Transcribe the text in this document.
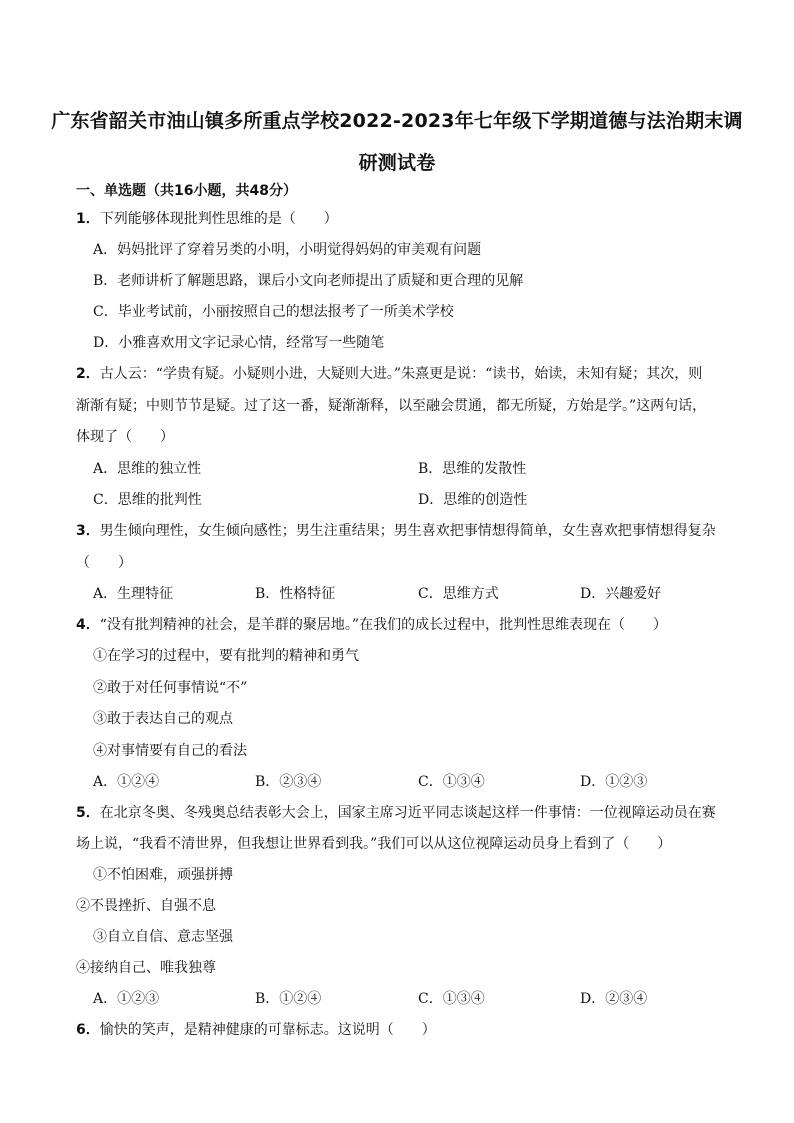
广东省韶关市油山镇多所重点学校2022-2023年七年级下学期道德与法治期末调
研测试卷
一、单选题（共16小题，共48分）
1．下列能够体现批判性思维的是（　　）
A．妈妈批评了穿着另类的小明，小明觉得妈妈的审美观有问题
B．老师讲析了解题思路，课后小文向老师提出了质疑和更合理的见解
C．毕业考试前，小丽按照自己的想法报考了一所美术学校
D．小雅喜欢用文字记录心情，经常写一些随笔
2．古人云：“学贵有疑。小疑则小进，大疑则大进。”朱熹更是说：“读书，始读，未知有疑；其次，则
渐渐有疑；中则节节是疑。过了这一番，疑渐渐释，以至融会贯通，都无所疑，方始是学。”这两句话，
体现了（　　）
A．思维的独立性	B．思维的发散性
C．思维的批判性	D．思维的创造性
3．男生倾向理性，女生倾向感性；男生注重结果；男生喜欢把事情想得简单，女生喜欢把事情想得复杂
（　　）
A．生理特征	B．性格特征	C．思维方式	D．兴趣爱好
4．“没有批判精神的社会，是羊群的聚居地。”在我们的成长过程中，批判性思维表现在（　　）
①在学习的过程中，要有批判的精神和勇气
②敢于对任何事情说“不”
③敢于表达自己的观点
④对事情要有自己的看法
A．①②④	B．②③④	C．①③④	D．①②③
5．在北京冬奥、冬残奥总结表彰大会上，国家主席习近平同志谈起这样一件事情：一位视障运动员在赛
场上说，“我看不清世界，但我想让世界看到我。”我们可以从这位视障运动员身上看到了（　　）
①不怕困难，顽强拼搏
②不畏挫折、自强不息
③自立自信、意志坚强
④接纳自己、唯我独尊
A．①②③	B．①②④	C．①③④	D．②③④
6．愉快的笑声，是精神健康的可靠标志。这说明（　　）
